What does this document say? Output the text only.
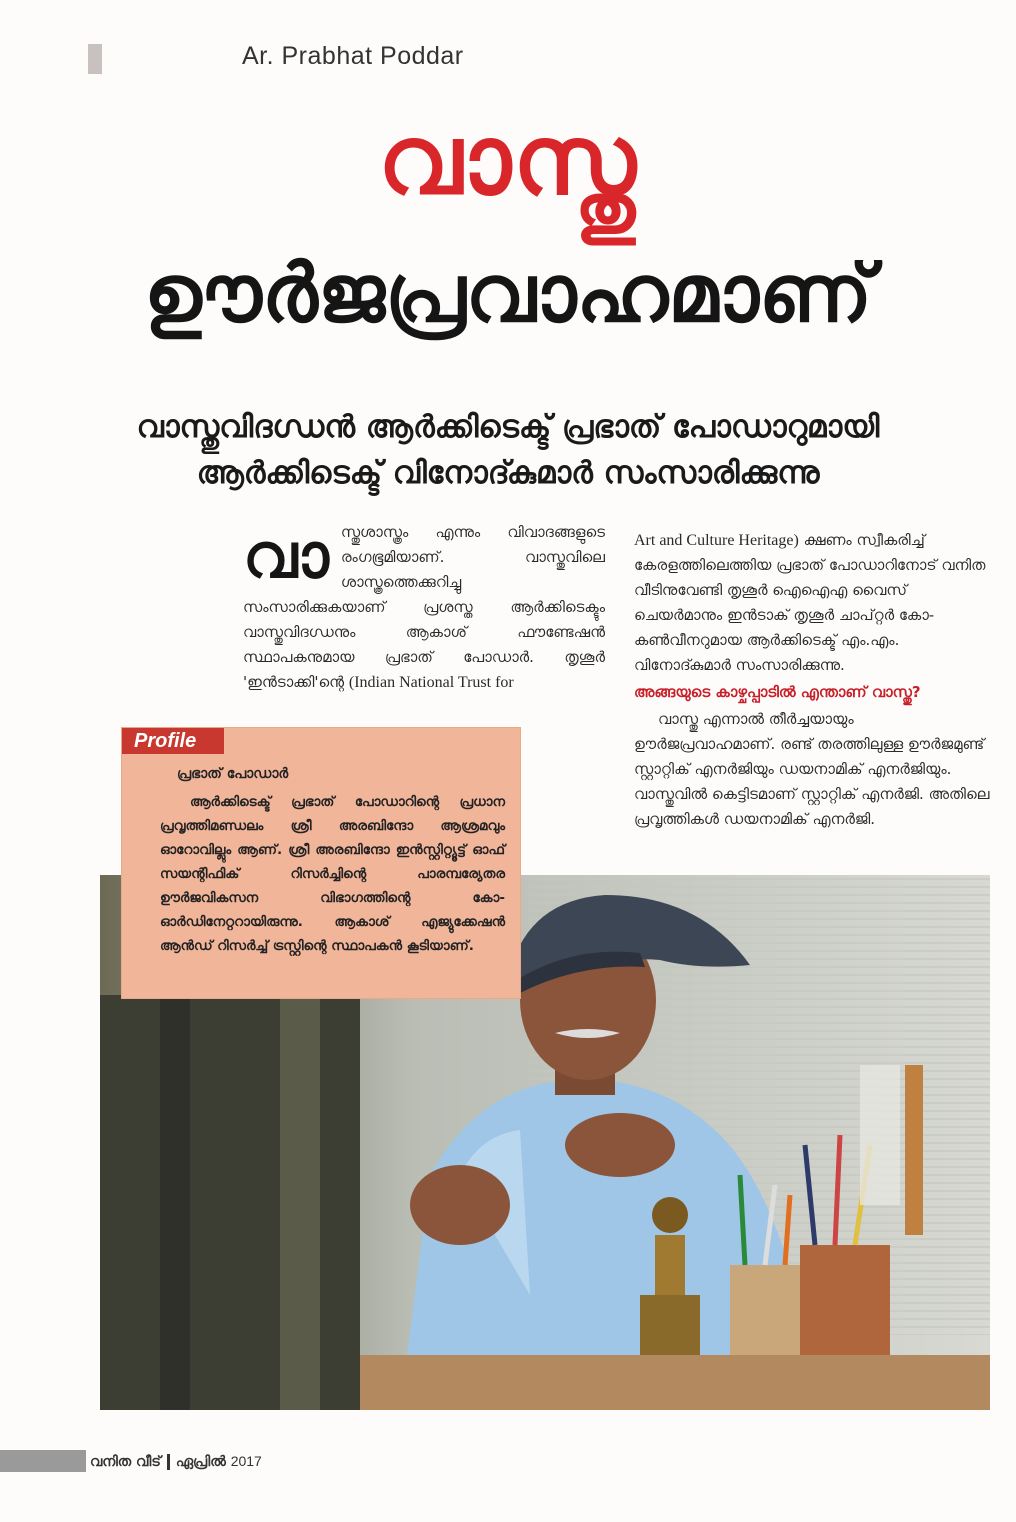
Ar. Prabhat Poddar
വാസ്തു
ഊർജപ്രവാഹമാണ്
വാസ്തുവിദഗ്ധൻ ആർക്കിടെക്ട് പ്രഭാത് പോഡാറുമായി
ആർക്കിടെക്ട് വിനോദ്കുമാർ സംസാരിക്കുന്നു
വാ സ്തുശാസ്ത്രം എന്നും വിവാദങ്ങളുടെ രംഗഭൂമിയാണ്. വാസ്തുവിലെ ശാസ്ത്രത്തെക്കുറിച്ചു സംസാരിക്കുകയാണ് പ്രശസ്ത ആർക്കിടെക്ടും വാസ്തുവിദഗ്ധനും ആകാശ് ഫൗണ്ടേഷൻ സ്ഥാപകനുമായ പ്രഭാത് പോഡാർ. തൃശൂർ 'ഇൻടാക്കി'ന്റെ (Indian National Trust for
Art and Culture Heritage) ക്ഷണം സ്വീകരിച്ച് കേരളത്തിലെത്തിയ പ്രഭാത് പോഡാറിനോട് വനിത വീടിനുവേണ്ടി തൃശൂർ ഐഐഎ വൈസ് ചെയർമാനും ഇൻടാക് തൃശൂർ ചാപ്റ്റർ കോ-കൺവീനറുമായ ആർക്കിടെക്ട് എം.എം. വിനോദ്കുമാർ സംസാരിക്കുന്നു.
അങ്ങയുടെ കാഴ്ചപ്പാടിൽ എന്താണ് വാസ്തു?
വാസ്തു എന്നാൽ തീർച്ചയായും ഊർജപ്രവാഹമാണ്. രണ്ട് തരത്തിലുള്ള ഊർജമുണ്ട് സ്റ്റാറ്റിക് എനർജിയും ഡയനാമിക് എനർജിയും. വാസ്തുവിൽ കെട്ടിടമാണ് സ്റ്റാറ്റിക് എനർജി. അതിലെ പ്രവൃത്തികൾ ഡയനാമിക് എനർജി.
Profile
പ്രഭാത് പോഡാർ
ആർക്കിടെക്ട് പ്രഭാത് പോഡാറിന്റെ പ്രധാന പ്രവൃത്തിമണ്ഡലം ശ്രീ അരബിന്ദോ ആശ്രമവും ഓറോവില്ലും ആണ്. ശ്രീ അരബിന്ദോ ഇൻസ്റ്റിറ്റ്യൂട്ട് ഓഫ് സയന്റിഫിക് റിസർച്ചിന്റെ പാരമ്പര്യേതര ഊർജവികസന വിഭാഗത്തിന്റെ കോ-ഓർഡിനേറ്ററായിരുന്നു. ആകാശ് എജ്യുക്കേഷൻ ആൻഡ് റിസർച്ച് ട്രസ്റ്റിന്റെ സ്ഥാപകൻ കൂടിയാണ്.
വനിത വീട് ഏപ്രിൽ 2017
